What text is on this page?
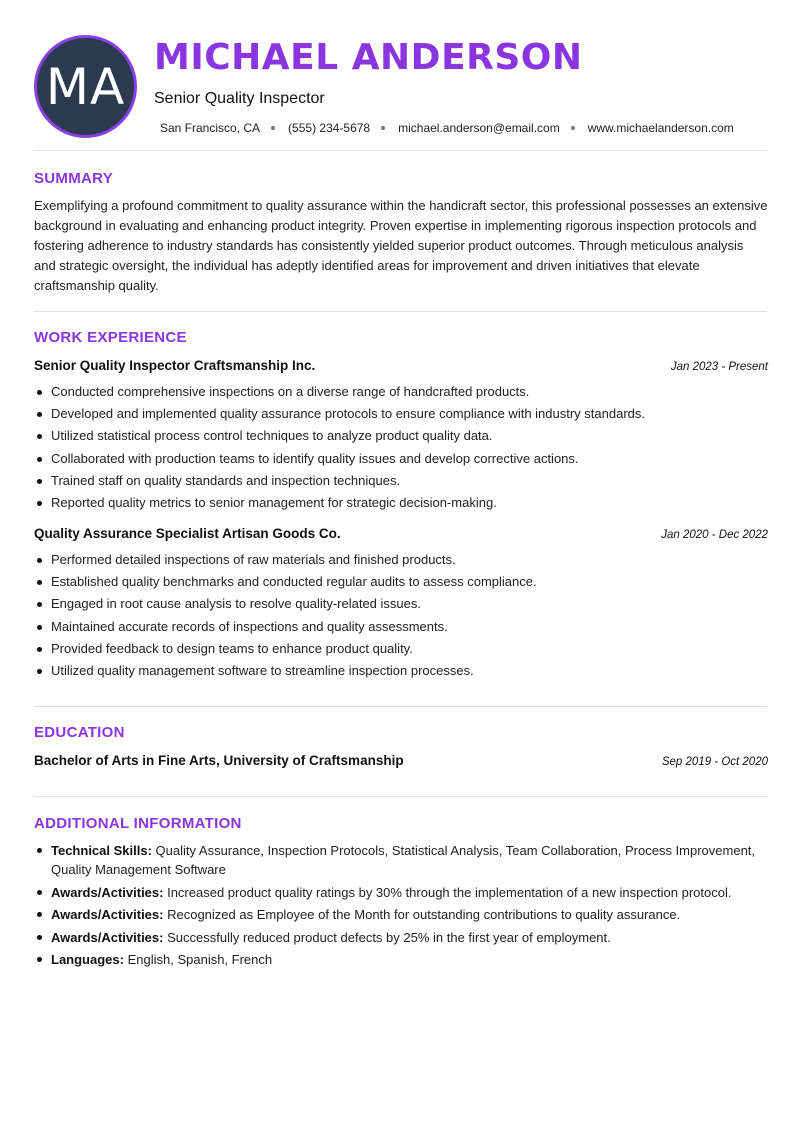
MA MICHAEL ANDERSON
Senior Quality Inspector
San Francisco, CA (555) 234-5678 michael.anderson@email.com www.michaelanderson.com
SUMMARY

Exemplifying a profound commitment to quality assurance within the handicraft sector, this professional possesses an extensive background in evaluating and enhancing product integrity. Proven expertise in implementing rigorous inspection protocols and fostering adherence to industry standards has consistently yielded superior product outcomes. Through meticulous analysis and strategic oversight, the individual has adeptly identified areas for improvement and driven initiatives that elevate craftsmanship quality.

WORK EXPERIENCE
Senior Quality Inspector Craftsmanship Inc.	Jan 2023 - Present
Conducted comprehensive inspections on a diverse range of handcrafted products.
Developed and implemented quality assurance protocols to ensure compliance with industry standards.
Utilized statistical process control techniques to analyze product quality data.
Collaborated with production teams to identify quality issues and develop corrective actions.
Trained staff on quality standards and inspection techniques.
Reported quality metrics to senior management for strategic decision-making.
Quality Assurance Specialist Artisan Goods Co.	Jan 2020 - Dec 2022
Performed detailed inspections of raw materials and finished products.
Established quality benchmarks and conducted regular audits to assess compliance.
Engaged in root cause analysis to resolve quality-related issues.
Maintained accurate records of inspections and quality assessments.
Provided feedback to design teams to enhance product quality.
Utilized quality management software to streamline inspection processes.
EDUCATION
Bachelor of Arts in Fine Arts, University of Craftsmanship	Sep 2019 - Oct 2020
ADDITIONAL INFORMATION
Technical Skills: Quality Assurance, Inspection Protocols, Statistical Analysis, Team Collaboration, Process Improvement, Quality Management Software
Awards/Activities: Increased product quality ratings by 30% through the implementation of a new inspection protocol.
Awards/Activities: Recognized as Employee of the Month for outstanding contributions to quality assurance.
Awards/Activities: Successfully reduced product defects by 25% in the first year of employment.
Languages: English, Spanish, French
